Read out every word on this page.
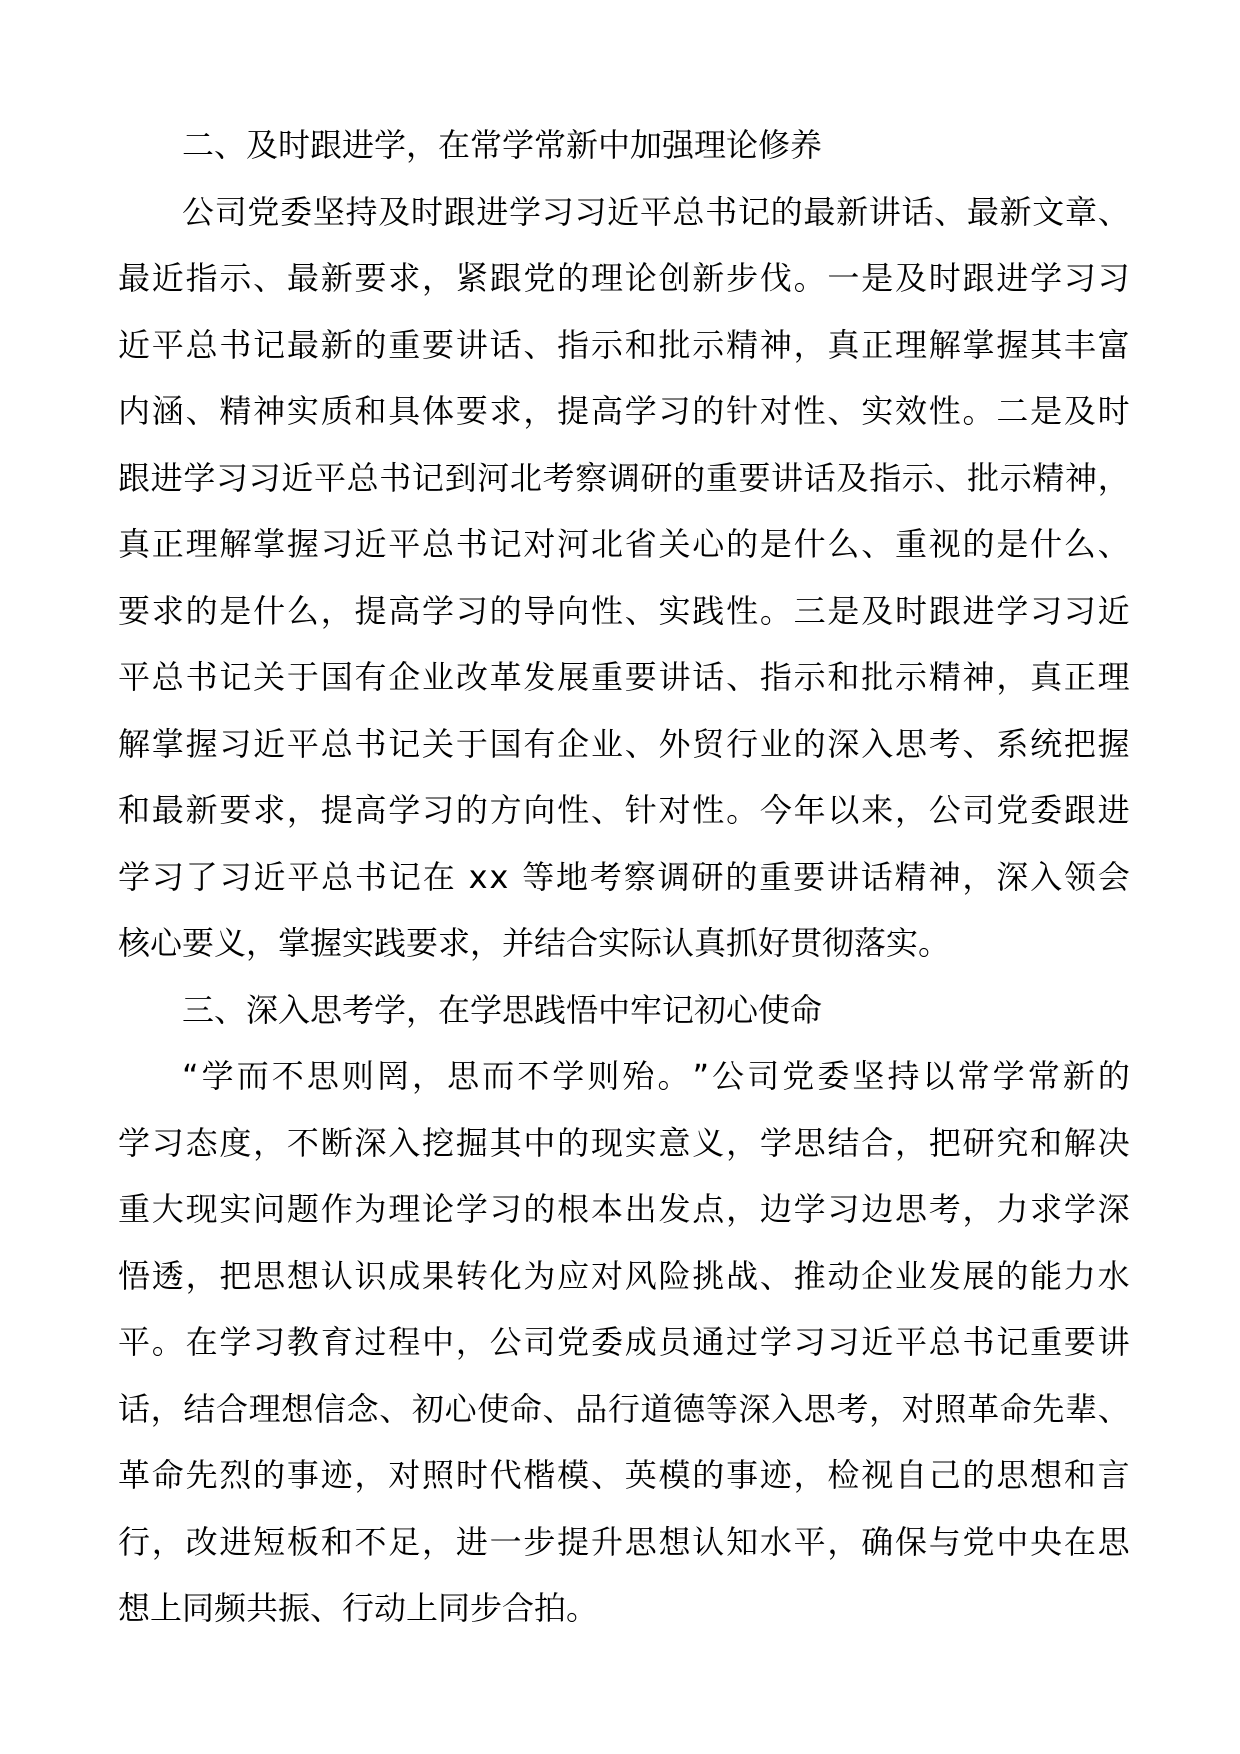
二、及时跟进学，在常学常新中加强理论修养
公 司 党 委 坚 持 及 时 跟 进 学 习 习 近 平 总 书 记 的 最 新 讲 话 、 最 新 文 章 、
最 近 指 示 、 最 新 要 求 ， 紧 跟 党 的 理 论 创 新 步 伐 。 一 是 及 时 跟 进 学 习 习
近 平 总 书 记 最 新 的 重 要 讲 话 、 指 示 和 批 示 精 神 ， 真 正 理 解 掌 握 其 丰 富
内 涵 、 精 神 实 质 和 具 体 要 求 ， 提 高 学 习 的 针 对 性 、 实 效 性 。 二 是 及 时
跟 进 学 习 习 近 平 总 书 记 到 河 北 考 察 调 研 的 重 要 讲 话 及 指 示 、 批 示 精 神 ，
真 正 理 解 掌 握 习 近 平 总 书 记 对 河 北 省 关 心 的 是 什 么 、 重 视 的 是 什 么 、
要 求 的 是 什 么 ， 提 高 学 习 的 导 向 性 、 实 践 性 。 三 是 及 时 跟 进 学 习 习 近
平 总 书 记 关 于 国 有 企 业 改 革 发 展 重 要 讲 话 、 指 示 和 批 示 精 神 ， 真 正 理
解 掌 握 习 近 平 总 书 记 关 于 国 有 企 业 、 外 贸 行 业 的 深 入 思 考 、 系 统 把 握
和 最 新 要 求 ， 提 高 学 习 的 方 向 性 、 针 对 性 。 今 年 以 来 ， 公 司 党 委 跟 进
学 习 了 习 近 平 总 书 记 在
x x
等 地 考 察 调 研 的 重 要 讲 话 精 神 ， 深 入 领 会
核心要义，掌握实践要求，并结合实际认真抓好贯彻落实。
三、深入思考学，在学思践悟中牢记初心使命
“ 学 而 不 思 则 罔 ， 思 而 不 学 则 殆 。 ” 公 司 党 委 坚 持 以 常 学 常 新 的
学 习 态 度 ， 不 断 深 入 挖 掘 其 中 的 现 实 意 义 ， 学 思 结 合 ， 把 研 究 和 解 决
重 大 现 实 问 题 作 为 理 论 学 习 的 根 本 出 发 点 ， 边 学 习 边 思 考 ， 力 求 学 深
悟 透 ， 把 思 想 认 识 成 果 转 化 为 应 对 风 险 挑 战 、 推 动 企 业 发 展 的 能 力 水
平 。 在 学 习 教 育 过 程 中 ， 公 司 党 委 成 员 通 过 学 习 习 近 平 总 书 记 重 要 讲
话 ， 结 合 理 想 信 念 、 初 心 使 命 、 品 行 道 德 等 深 入 思 考 ， 对 照 革 命 先 辈 、
革 命 先 烈 的 事 迹 ， 对 照 时 代 楷 模 、 英 模 的 事 迹 ， 检 视 自 己 的 思 想 和 言
行 ， 改 进 短 板 和 不 足 ， 进 一 步 提 升 思 想 认 知 水 平 ， 确 保 与 党 中 央 在 思
想上同频共振、行动上同步合拍。
